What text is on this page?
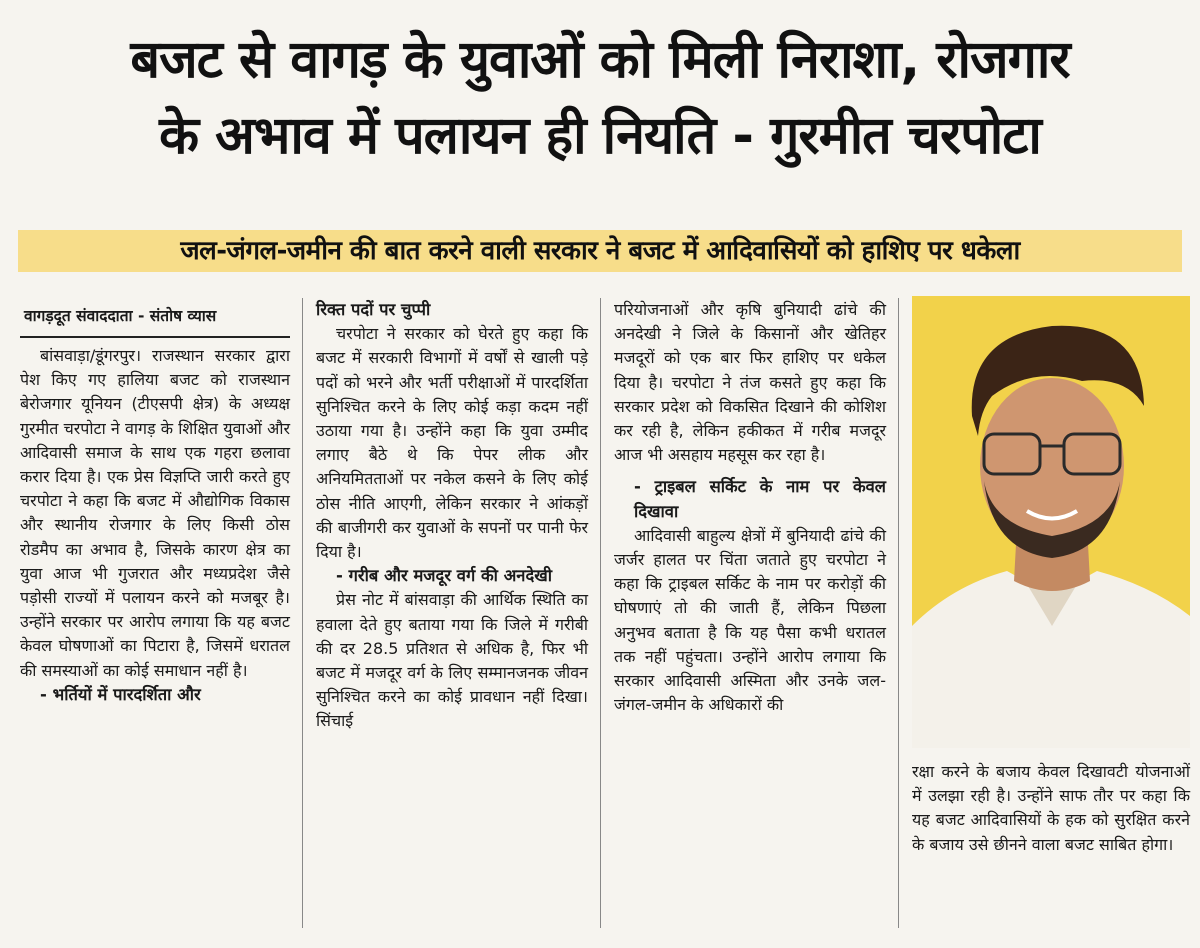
बजट से वागड़ के युवाओं को मिली निराशा, रोजगार
के अभाव में पलायन ही नियति - गुरमीत चरपोटा
जल-जंगल-जमीन की बात करने वाली सरकार ने बजट में आदिवासियों को हाशिए पर धकेला
वागड़दूत संवाददाता - संतोष व्यास

बांसवाड़ा/डूंगरपुर। राजस्थान सरकार द्वारा पेश किए गए हालिया बजट को राजस्थान बेरोजगार यूनियन (टीएसपी क्षेत्र) के अध्यक्ष गुरमीत चरपोटा ने वागड़ के शिक्षित युवाओं और आदिवासी समाज के साथ एक गहरा छलावा करार दिया है। एक प्रेस विज्ञप्ति जारी करते हुए चरपोटा ने कहा कि बजट में औद्योगिक विकास और स्थानीय रोजगार के लिए किसी ठोस रोडमैप का अभाव है, जिसके कारण क्षेत्र का युवा आज भी गुजरात और मध्यप्रदेश जैसे पड़ोसी राज्यों में पलायन करने को मजबूर है। उन्होंने सरकार पर आरोप लगाया कि यह बजट केवल घोषणाओं का पिटारा है, जिसमें धरातल की समस्याओं का कोई समाधान नहीं है।

- भर्तियों में पारदर्शिता और
रिक्त पदों पर चुप्पी

चरपोटा ने सरकार को घेरते हुए कहा कि बजट में सरकारी विभागों में वर्षों से खाली पड़े पदों को भरने और भर्ती परीक्षाओं में पारदर्शिता सुनिश्चित करने के लिए कोई कड़ा कदम नहीं उठाया गया है। उन्होंने कहा कि युवा उम्मीद लगाए बैठे थे कि पेपर लीक और अनियमितताओं पर नकेल कसने के लिए कोई ठोस नीति आएगी, लेकिन सरकार ने आंकड़ों की बाजीगरी कर युवाओं के सपनों पर पानी फेर दिया है।

- गरीब और मजदूर वर्ग की अनदेखी

प्रेस नोट में बांसवाड़ा की आर्थिक स्थिति का हवाला देते हुए बताया गया कि जिले में गरीबी की दर 28.5 प्रतिशत से अधिक है, फिर भी बजट में मजदूर वर्ग के लिए सम्मानजनक जीवन सुनिश्चित करने का कोई प्रावधान नहीं दिखा। सिंचाई

परियोजनाओं और कृषि बुनियादी ढांचे की अनदेखी ने जिले के किसानों और खेतिहर मजदूरों को एक बार फिर हाशिए पर धकेल दिया है। चरपोटा ने तंज कसते हुए कहा कि सरकार प्रदेश को विकसित दिखाने की कोशिश कर रही है, लेकिन हकीकत में गरीब मजदूर आज भी असहाय महसूस कर रहा है।

- ट्राइबल सर्किट के नाम पर केवल दिखावा

आदिवासी बाहुल्य क्षेत्रों में बुनियादी ढांचे की जर्जर हालत पर चिंता जताते हुए चरपोटा ने कहा कि ट्राइबल सर्किट के नाम पर करोड़ों की घोषणाएं तो की जाती हैं, लेकिन पिछला अनुभव बताता है कि यह पैसा कभी धरातल तक नहीं पहुंचता। उन्होंने आरोप लगाया कि सरकार आदिवासी अस्मिता और उनके जल-जंगल-जमीन के अधिकारों की

रक्षा करने के बजाय केवल दिखावटी योजनाओं में उलझा रही है। उन्होंने साफ तौर पर कहा कि यह बजट आदिवासियों के हक को सुरक्षित करने के बजाय उसे छीनने वाला बजट साबित होगा।
